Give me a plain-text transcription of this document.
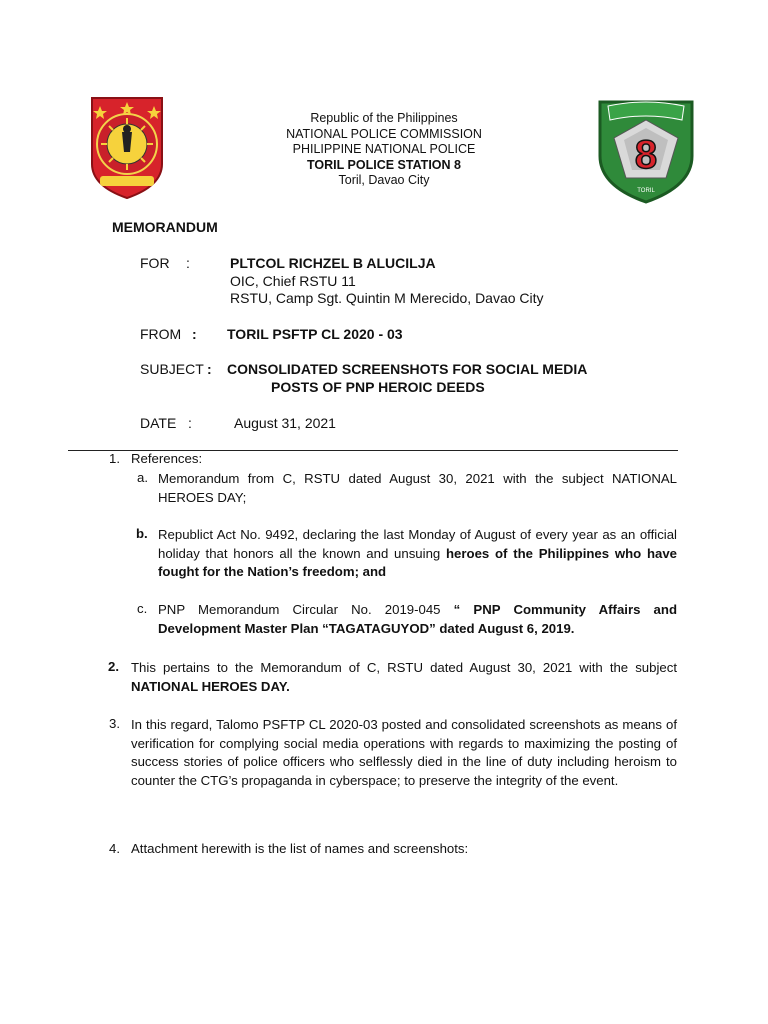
8
TORIL
Republic of the Philippines
NATIONAL POLICE COMMISSION
PHILIPPINE NATIONAL POLICE
TORIL POLICE STATION 8
Toril, Davao City
MEMORANDUM
FOR :	PLTCOL RICHZEL B ALUCILJA
OIC, Chief RSTU 11
RSTU, Camp Sgt. Quintin M Merecido, Davao City
FROM : TORIL PSFTP CL 2020 - 03
SUBJECT : CONSOLIDATED SCREENSHOTS FOR SOCIAL MEDIA
POSTS OF PNP HEROIC DEEDS
DATE :	August 31, 2021
1. References:
a. Memorandum from C, RSTU dated August 30, 2021 with the subject NATIONAL HEROES DAY;
b. Republict Act No. 9492, declaring the last Monday of August of every year as an official holiday that honors all the known and unsuing heroes of the Philippines who have fought for the Nation’s freedom; and
c. PNP Memorandum Circular No. 2019-045 “ PNP Community Affairs and Development Master Plan “TAGATAGUYOD” dated August 6, 2019.
2. This pertains to the Memorandum of C, RSTU dated August 30, 2021 with the subject NATIONAL HEROES DAY.
3. In this regard, Talomo PSFTP CL 2020-03 posted and consolidated screenshots as means of verification for complying social media operations with regards to maximizing the posting of success stories of police officers who selflessly died in the line of duty including heroism to counter the CTG’s propaganda in cyberspace; to preserve the integrity of the event.
4. Attachment herewith is the list of names and screenshots:
